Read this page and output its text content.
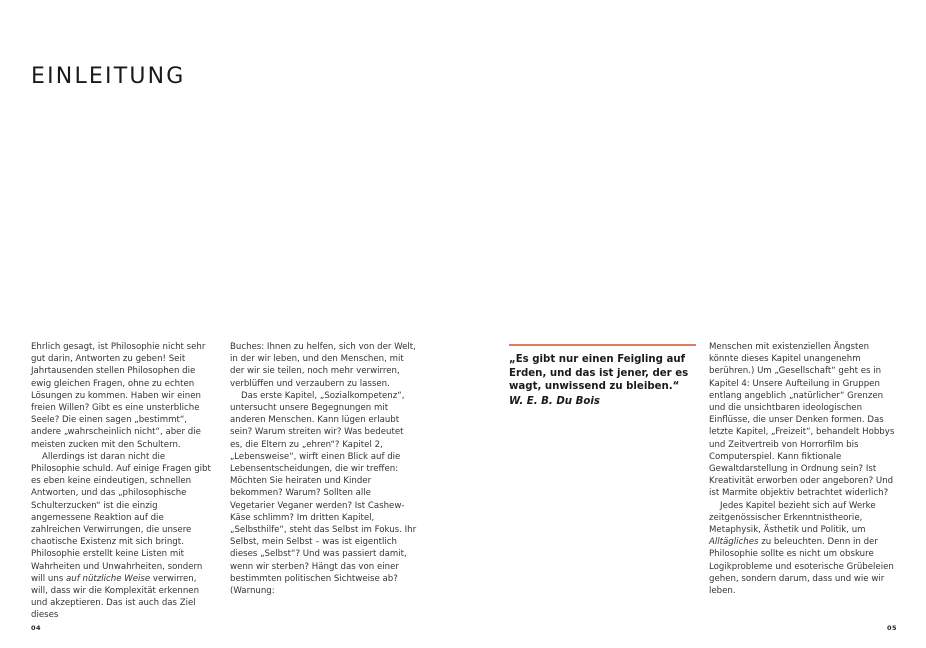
EINLEITUNG

Ehrlich gesagt, ist Philosophie nicht sehr gut darin, Antworten zu geben! Seit Jahrtausenden stellen Philosophen die ewig gleichen Fragen, ohne zu echten Lösungen zu kommen. Haben wir einen freien Willen? Gibt es eine unsterbliche Seele? Die einen sagen „bestimmt“, andere „wahrscheinlich nicht“, aber die meisten zucken mit den Schultern.

Allerdings ist daran nicht die Philosophie schuld. Auf einige Fragen gibt es eben keine eindeutigen, schnellen Antworten, und das „philosophische Schulterzucken“ ist die einzig angemessene Reaktion auf die zahlreichen Verwirrungen, die unsere chaotische Existenz mit sich bringt. Philosophie erstellt keine Listen mit Wahrheiten und Unwahrheiten, sondern will uns auf nützliche Weise verwirren, will, dass wir die Komplexität erkennen und akzeptieren. Das ist auch das Ziel dieses

Buches: Ihnen zu helfen, sich von der Welt, in der wir leben, und den Menschen, mit der wir sie teilen, noch mehr verwirren, verblüffen und verzaubern zu lassen.

Das erste Kapitel, „Sozialkompetenz“, untersucht unsere Begegnungen mit anderen Menschen. Kann lügen erlaubt sein? Warum streiten wir? Was bedeutet es, die Eltern zu „ehren“? Kapitel 2, „Lebensweise“, wirft einen Blick auf die Lebensentscheidungen, die wir treffen: Möchten Sie heiraten und Kinder bekommen? Warum? Sollten alle Vegetarier Veganer werden? Ist Cashew-Käse schlimm? Im dritten Kapitel, „Selbsthilfe“, steht das Selbst im Fokus. Ihr Selbst, mein Selbst – was ist eigentlich dieses „Selbst“? Und was passiert damit, wenn wir sterben? Hängt das von einer bestimmten politischen Sichtweise ab? (Warnung:

„Es gibt nur einen Feigling auf Erden, und das ist jener, der es wagt, unwissend zu bleiben.“

W. E. B. Du Bois

Menschen mit existenziellen Ängsten könnte dieses Kapitel unangenehm berühren.) Um „Gesellschaft“ geht es in Kapitel 4: Unsere Aufteilung in Gruppen entlang angeblich „natürlicher“ Grenzen und die unsichtbaren ideologischen Einflüsse, die unser Denken formen. Das letzte Kapitel, „Freizeit“, behandelt Hobbys und Zeitvertreib von Horrorfilm bis Computerspiel. Kann fiktionale Gewaltdarstellung in Ordnung sein? Ist Kreativität erworben oder angeboren? Und ist Marmite objektiv betrachtet widerlich?

Jedes Kapitel bezieht sich auf Werke zeitgenössischer Erkenntnistheorie, Metaphysik, Ästhetik und Politik, um Alltägliches zu beleuchten. Denn in der Philosophie sollte es nicht um obskure Logikprobleme und esoterische Grübeleien gehen, sondern darum, dass und wie wir leben.

04	05
